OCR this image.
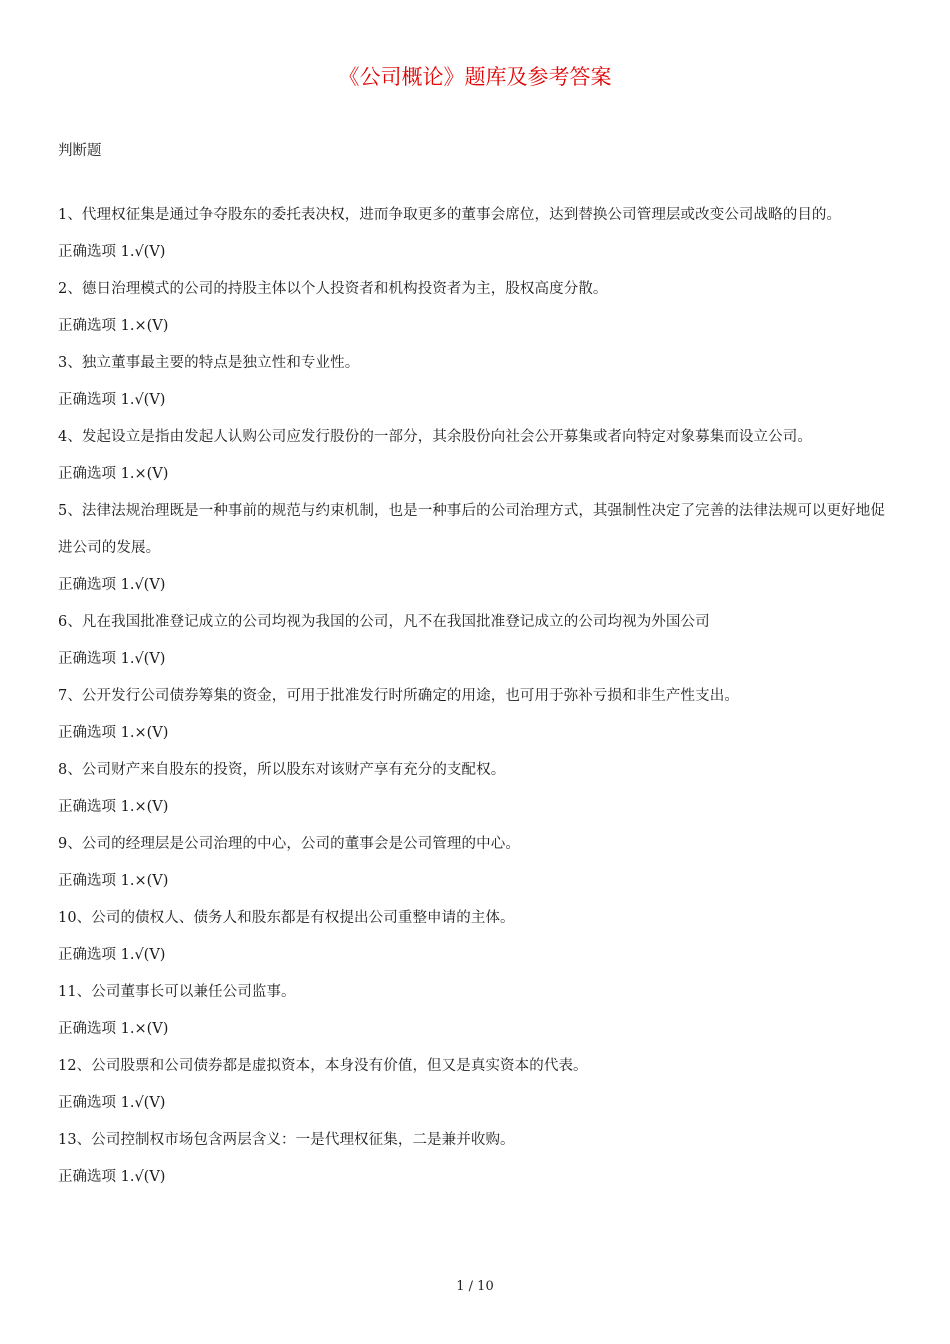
《公司概论》题库及参考答案
判断题

1、代理权征集是通过争夺股东的委托表决权，进而争取更多的董事会席位，达到替换公司管理层或改变公司战略的目的。

正确选项 1.√(V)

2、德日治理模式的公司的持股主体以个人投资者和机构投资者为主，股权高度分散。

正确选项 1.×(V)

3、独立董事最主要的特点是独立性和专业性。

正确选项 1.√(V)

4、发起设立是指由发起人认购公司应发行股份的一部分，其余股份向社会公开募集或者向特定对象募集而设立公司。

正确选项 1.×(V)

5、法律法规治理既是一种事前的规范与约束机制，也是一种事后的公司治理方式，其强制性决定了完善的法律法规可以更好地促进公司的发展。

正确选项 1.√(V)

6、凡在我国批准登记成立的公司均视为我国的公司，凡不在我国批准登记成立的公司均视为外国公司

正确选项 1.√(V)

7、公开发行公司债券筹集的资金，可用于批准发行时所确定的用途，也可用于弥补亏损和非生产性支出。

正确选项 1.×(V)

8、公司财产来自股东的投资，所以股东对该财产享有充分的支配权。

正确选项 1.×(V)

9、公司的经理层是公司治理的中心，公司的董事会是公司管理的中心。

正确选项 1.×(V)

10、公司的债权人、债务人和股东都是有权提出公司重整申请的主体。

正确选项 1.√(V)

11、公司董事长可以兼任公司监事。

正确选项 1.×(V)

12、公司股票和公司债券都是虚拟资本，本身没有价值，但又是真实资本的代表。

正确选项 1.√(V)

13、公司控制权市场包含两层含义：一是代理权征集，二是兼并收购。

正确选项 1.√(V)

1 / 10
